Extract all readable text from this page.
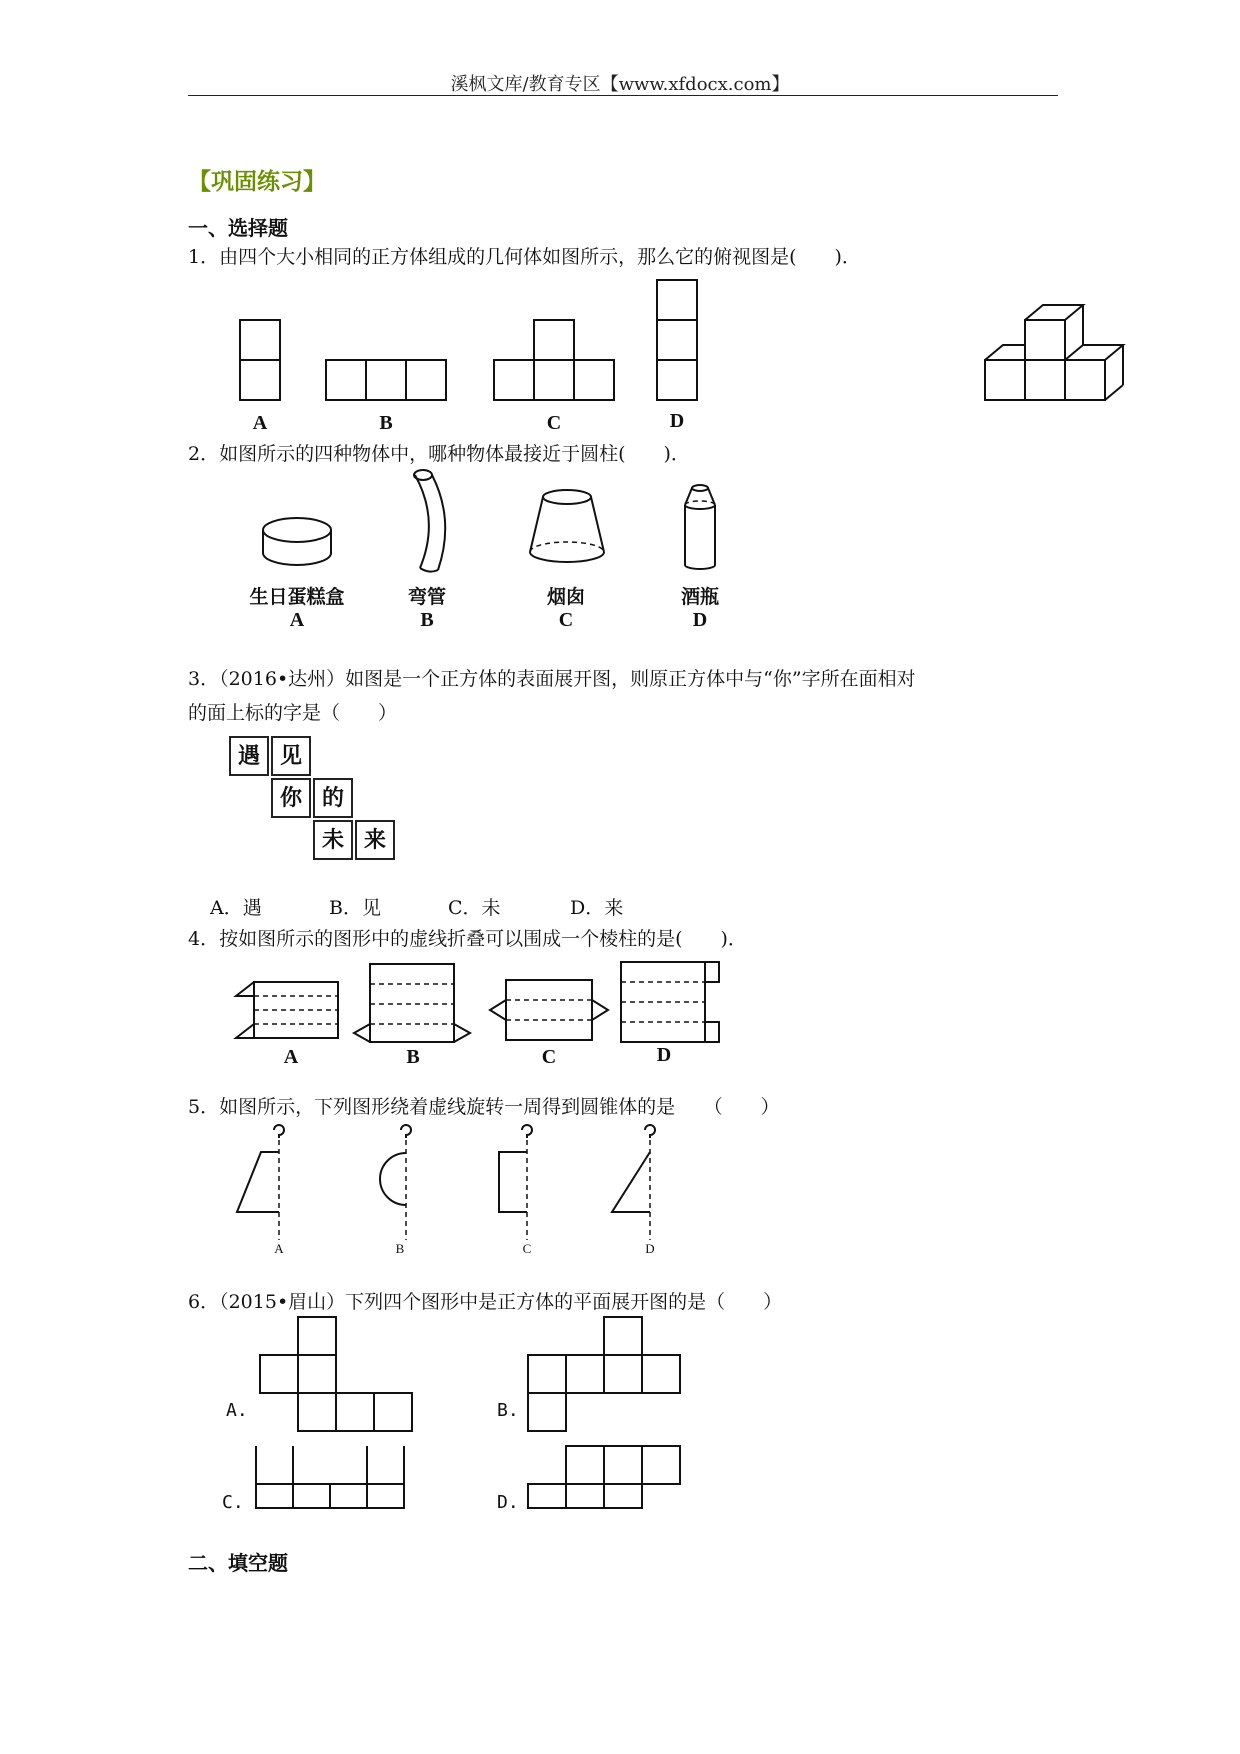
溪枫文库/教育专区【www.xfdocx.com】
【巩固练习】
一、选择题
1．由四个大小相同的正方体组成的几何体如图所示，那么它的俯视图是(　　)．
A	B	C	D
2．如图所示的四种物体中，哪种物体最接近于圆柱(　　)．
生日蛋糕盒	弯管	烟囱	酒瓶
A	B	C	D
3．（2016•达州）如图是一个正方体的表面展开图，则原正方体中与“你”字所在面相对
的面上标的字是（　　）
遇 见
你 的
未 来
A．遇	B．见	C．未	D．来
4．按如图所示的图形中的虚线折叠可以围成一个棱柱的是(　　)．
A	B	C	D
5．如图所示，下列图形绕着虚线旋转一周得到圆锥体的是　　（　　）
A	B	C	D
6．（2015•眉山）下列四个图形中是正方体的平面展开图的是（　　）
A.	B.
C.	D.
二、填空题
